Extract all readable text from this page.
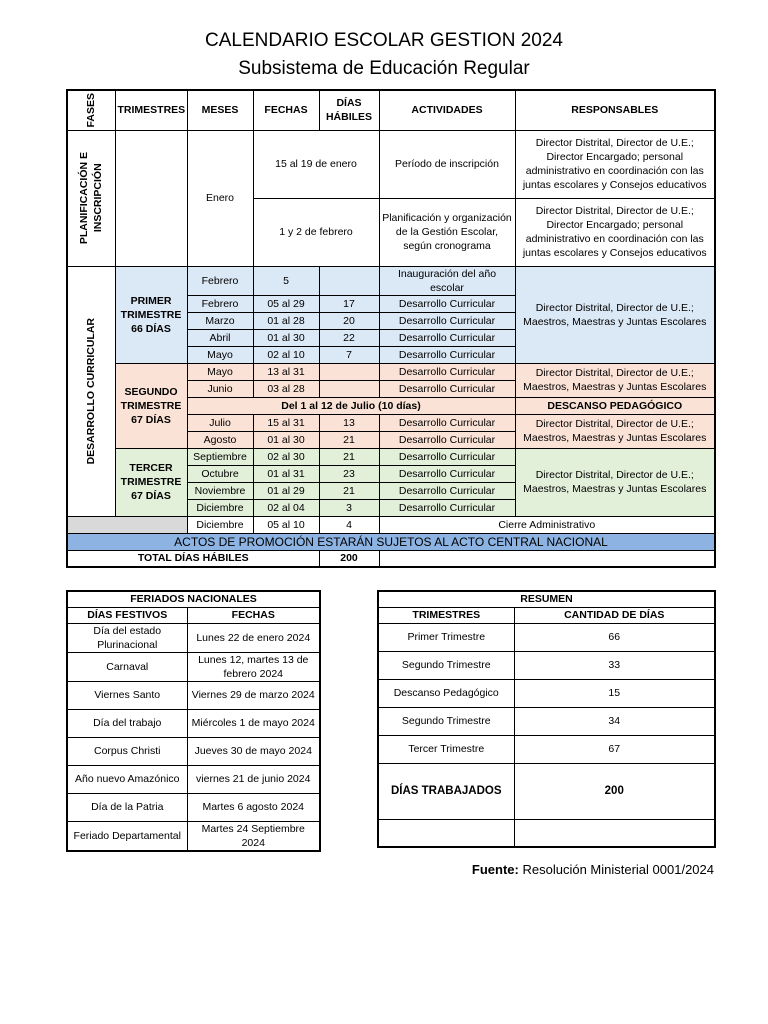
CALENDARIO ESCOLAR GESTION 2024
Subsistema de Educación Regular
FASES	TRIMESTRES	MESES	FECHAS	DÍAS HÁBILES	ACTIVIDADES	RESPONSABLES

PLANIFICACIÓN E
INSCRIPCIÓN		Enero	15 al 19 de enero		Período de inscripción	Director Distrital, Director de U.E.; Director Encargado; personal administrativo en coordinación con las juntas escolares y Consejos educativos
			1 y 2 de febrero		Planificación y organización de la Gestión Escolar, según cronograma	Director Distrital, Director de U.E.; Director Encargado; personal administrativo en coordinación con las juntas escolares y Consejos educativos

DESARROLLO CURRICULAR	PRIMER TRIMESTRE 66 DÍAS	Febrero	5		Inauguración del año escolar	Director Distrital, Director de U.E.; Maestros, Maestras y Juntas Escolares
		Febrero	05 al 29	17	Desarrollo Curricular	
		Marzo	01 al 28	20	Desarrollo Curricular	
		Abril	01 al 30	22	Desarrollo Curricular	
		Mayo	02 al 10	7	Desarrollo Curricular	
	SEGUNDO TRIMESTRE 67 DÍAS	Mayo	13 al 31		Desarrollo Curricular	Director Distrital, Director de U.E.; Maestros, Maestras y Juntas Escolares
		Junio	03 al 28		Desarrollo Curricular	
		Del 1 al 12 de Julio (10 días)				DESCANSO PEDAGÓGICO
		Julio	15 al 31	13	Desarrollo Curricular	Director Distrital, Director de U.E.; Maestros, Maestras y Juntas Escolares
		Agosto	01 al 30	21	Desarrollo Curricular	
	TERCER TRIMESTRE 67 DÍAS	Septiembre	02 al 30	21	Desarrollo Curricular	Director Distrital, Director de U.E.; Maestros, Maestras y Juntas Escolares
		Octubre	01 al 31	23	Desarrollo Curricular	
		Noviembre	01 al 29	21	Desarrollo Curricular	
		Diciembre	02 al 04	3	Desarrollo Curricular	
		Diciembre	05 al 10	4	Cierre Administrativo	
ACTOS DE PROMOCIÓN ESTARÁN SUJETOS AL ACTO CENTRAL NACIONAL						
TOTAL DÍAS HÁBILES				200		
FERIADOS NACIONALES	
DÍAS FESTIVOS	FECHAS
Día del estado Plurinacional	Lunes 22 de enero 2024
Carnaval	Lunes 12, martes 13 de febrero 2024
Viernes Santo	Viernes 29 de marzo 2024
Día del trabajo	Miércoles 1 de mayo 2024
Corpus Christi	Jueves 30 de mayo 2024
Año nuevo Amazónico	viernes 21 de junio 2024
Día de la Patria	Martes 6 agosto 2024
Feriado Departamental	Martes 24 Septiembre 2024
RESUMEN	
TRIMESTRES	CANTIDAD DE DÍAS
Primer Trimestre	66
Segundo Trimestre	33
Descanso Pedagógico	15
Segundo Trimestre	34
Tercer Trimestre	67
DÍAS TRABAJADOS	200

Fuente: Resolución Ministerial 0001/2024
